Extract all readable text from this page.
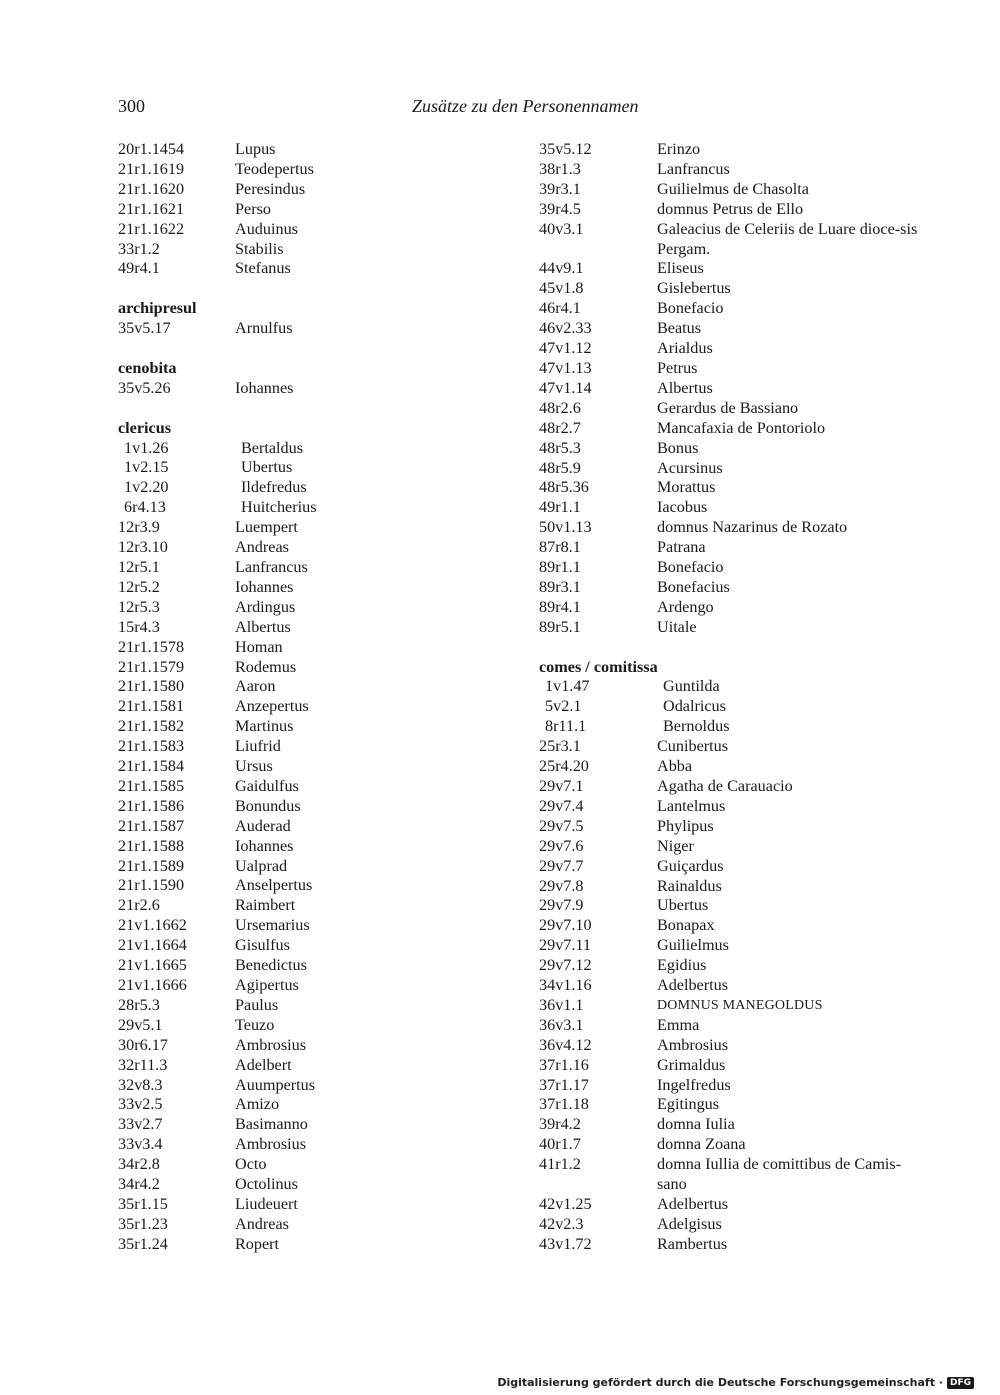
300	Zusätze zu den Personennamen
20r1.1454	Lupus
21r1.1619	Teodepertus
21r1.1620	Peresindus
21r1.1621	Perso
21r1.1622	Auduinus
33r1.2	Stabilis
49r4.1	Stefanus
archipresul
35v5.17	Arnulfus
cenobita
35v5.26	Iohannes
clericus
1v1.26	Bertaldus
1v2.15	Ubertus
1v2.20	Ildefredus
6r4.13	Huitcherius
12r3.9	Luempert
12r3.10	Andreas
12r5.1	Lanfrancus
12r5.2	Iohannes
12r5.3	Ardingus
15r4.3	Albertus
21r1.1578	Homan
21r1.1579	Rodemus
21r1.1580	Aaron
21r1.1581	Anzepertus
21r1.1582	Martinus
21r1.1583	Liufrid
21r1.1584	Ursus
21r1.1585	Gaidulfus
21r1.1586	Bonundus
21r1.1587	Auderad
21r1.1588	Iohannes
21r1.1589	Ualprad
21r1.1590	Anselpertus
21r2.6	Raimbert
21v1.1662	Ursemarius
21v1.1664	Gisulfus
21v1.1665	Benedictus
21v1.1666	Agipertus
28r5.3	Paulus
29v5.1	Teuzo
30r6.17	Ambrosius
32r11.3	Adelbert
32v8.3	Auumpertus
33v2.5	Amizo
33v2.7	Basimanno
33v3.4	Ambrosius
34r2.8	Octo
34r4.2	Octolinus
35r1.15	Liudeuert
35r1.23	Andreas
35r1.24	Ropert
35v5.12	Erinzo
38r1.3	Lanfrancus
39r3.1	Guilielmus de Chasolta
39r4.5	domnus Petrus de Ello
40v3.1	Galeacius de Celeriis de Luare dioce-sis Pergam.
44v9.1	Eliseus
45v1.8	Gislebertus
46r4.1	Bonefacio
46v2.33	Beatus
47v1.12	Arialdus
47v1.13	Petrus
47v1.14	Albertus
48r2.6	Gerardus de Bassiano
48r2.7	Mancafaxia de Pontoriolo
48r5.3	Bonus
48r5.9	Acursinus
48r5.36	Morattus
49r1.1	Iacobus
50v1.13	domnus Nazarinus de Rozato
87r8.1	Patrana
89r1.1	Bonefacio
89r3.1	Bonefacius
89r4.1	Ardengo
89r5.1	Uitale
comes / comitissa
1v1.47	Guntilda
5v2.1	Odalricus
8r11.1	Bernoldus
25r3.1	Cunibertus
25r4.20	Abba
29v7.1	Agatha de Carauacio
29v7.4	Lantelmus
29v7.5	Phylipus
29v7.6	Niger
29v7.7	Guiçardus
29v7.8	Rainaldus
29v7.9	Ubertus
29v7.10	Bonapax
29v7.11	Guilielmus
29v7.12	Egidius
34v1.16	Adelbertus
36v1.1	DOMNUS MANEGOLDUS
36v3.1	Emma
36v4.12	Ambrosius
37r1.16	Grimaldus
37r1.17	Ingelfredus
37r1.18	Egitingus
39r4.2	domna Iulia
40r1.7	domna Zoana
41r1.2	domna Iullia de comittibus de Camis-sano
42v1.25	Adelbertus
42v2.3	Adelgisus
43v1.72	Rambertus
Digitalisierung gefördert durch die Deutsche Forschungsgemeinschaft · DFG
